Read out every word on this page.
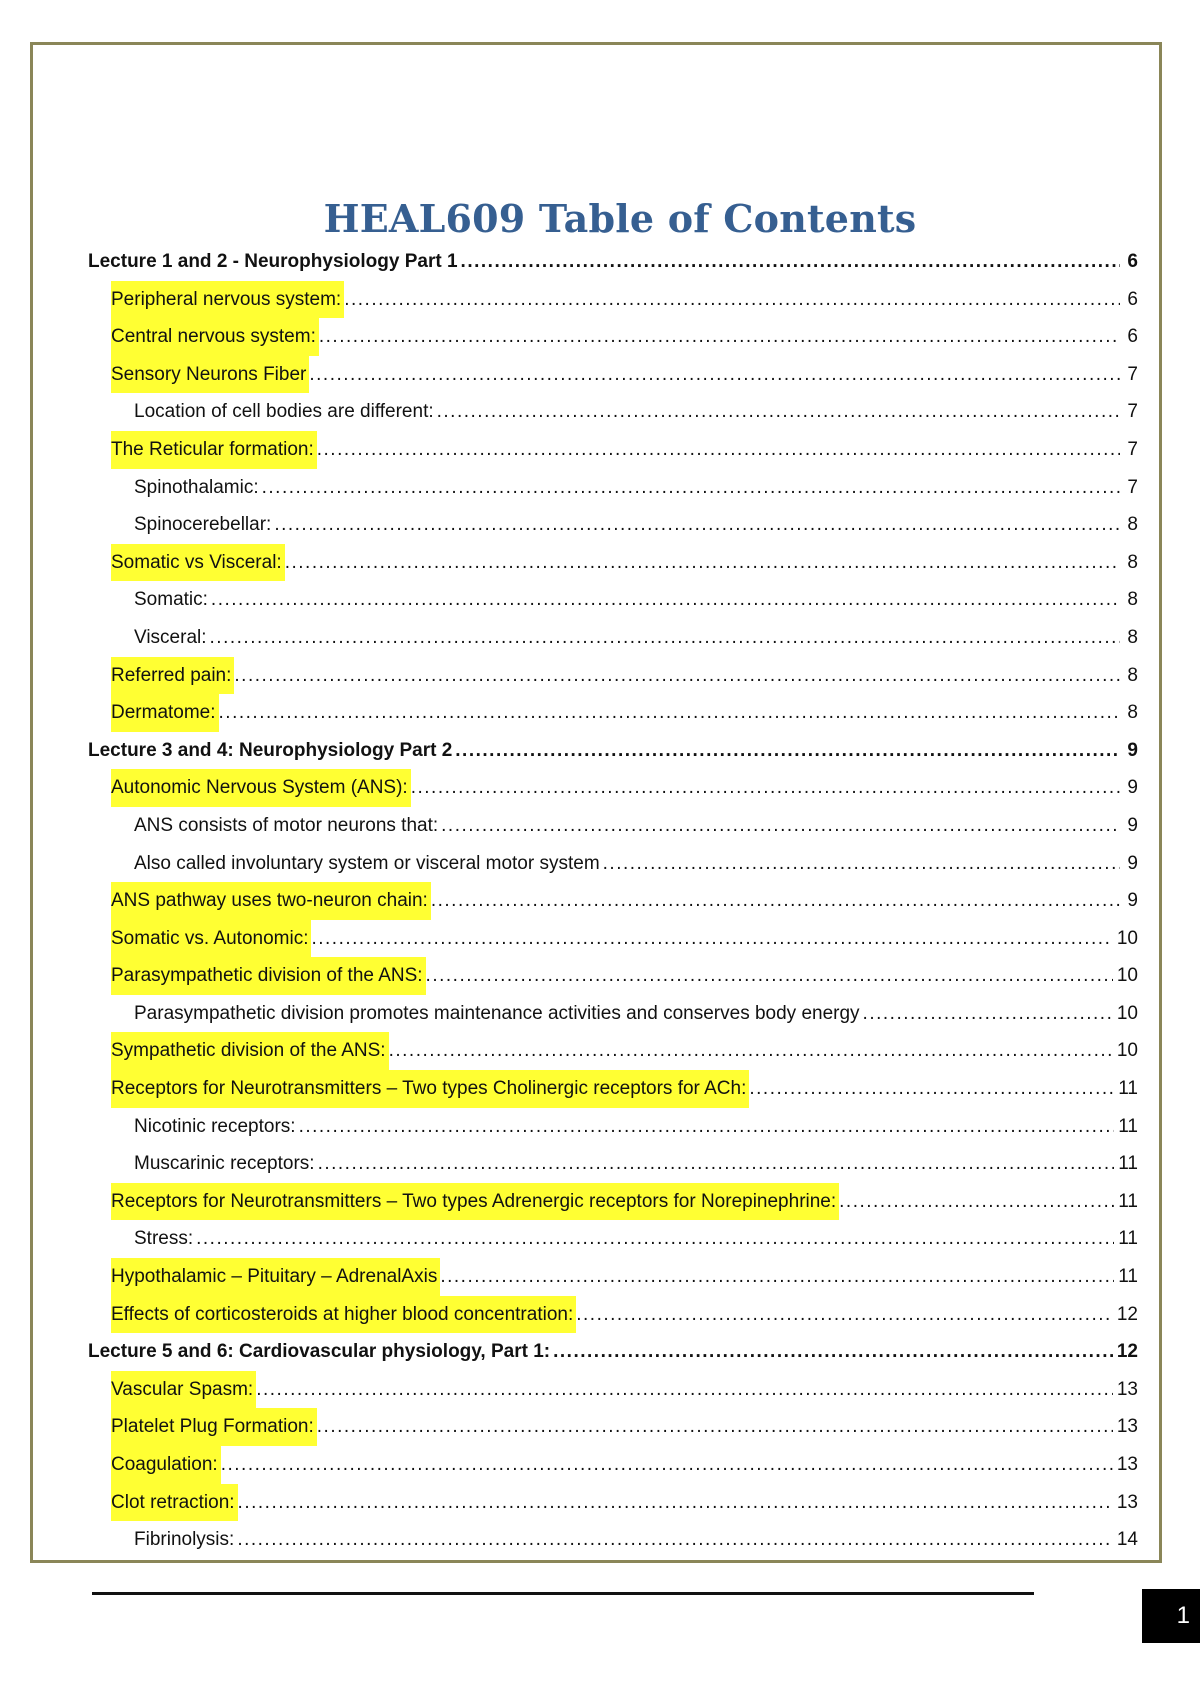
HEAL609 Table of Contents
Lecture 1 and 2 - Neurophysiology Part 1 .....	6
Peripheral nervous system: .....	6
Central nervous system: .....	6
Sensory Neurons Fiber .....	7
Location of cell bodies are different: .....	7
The Reticular formation: .....	7
Spinothalamic: .....	7
Spinocerebellar: .....	8
Somatic vs Visceral: .....	8
Somatic: .....	8
Visceral: .....	8
Referred pain: .....	8
Dermatome: .....	8
Lecture 3 and 4: Neurophysiology Part 2 .....	9
Autonomic Nervous System (ANS): .....	9
ANS consists of motor neurons that: .....	9
Also called involuntary system or visceral motor system .....	9
ANS pathway uses two-neuron chain: .....	9
Somatic vs. Autonomic: .....	10
Parasympathetic division of the ANS: .....	10
Parasympathetic division promotes maintenance activities and conserves body energy .....	10
Sympathetic division of the ANS: .....	10
Receptors for Neurotransmitters – Two types Cholinergic receptors for ACh: .....	11
Nicotinic receptors: .....	11
Muscarinic receptors: .....	11
Receptors for Neurotransmitters – Two types Adrenergic receptors for Norepinephrine: .....	11
Stress: .....	11
Hypothalamic – Pituitary – AdrenalAxis .....	11
Effects of corticosteroids at higher blood concentration: .....	12
Lecture 5 and 6: Cardiovascular physiology, Part 1: .....	12
Vascular Spasm: .....	13
Platelet Plug Formation: .....	13
Coagulation: .....	13
Clot retraction: .....	13
Fibrinolysis: .....	14
1
